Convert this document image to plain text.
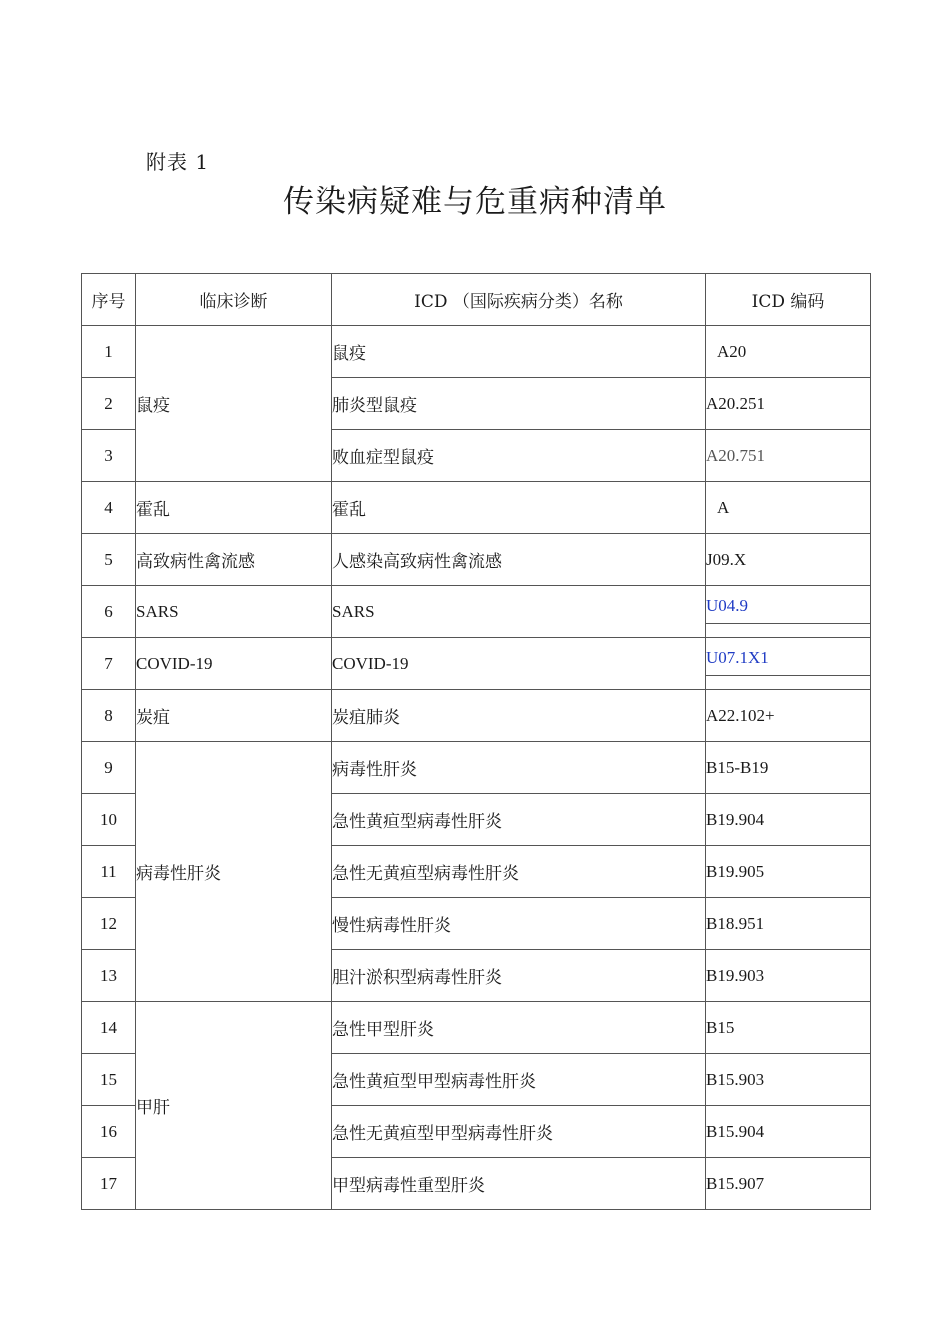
附表 1
传染病疑难与危重病种清单
序号	临床诊断	ICD （国际疾病分类）名称	ICD 编码
1	鼠疫	鼠疫	A20
2		肺炎型鼠疫	A20.251
3		败血症型鼠疫	A20.751
4	霍乱	霍乱	A
5	高致病性禽流感	人感染高致病性禽流感	J09.X
6	SARS	SARS	U04.9

7	COVID-19	COVID-19	U07.1X1

8	炭疽	炭疽肺炎	A22.102+
9	病毒性肝炎	病毒性肝炎	B15-B19
10		急性黄疸型病毒性肝炎	B19.904
11		急性无黄疸型病毒性肝炎	B19.905
12		慢性病毒性肝炎	B18.951
13		胆汁淤积型病毒性肝炎	B19.903
14	甲肝	急性甲型肝炎	B15
15		急性黄疸型甲型病毒性肝炎	B15.903
16		急性无黄疸型甲型病毒性肝炎	B15.904
17		甲型病毒性重型肝炎	B15.907
